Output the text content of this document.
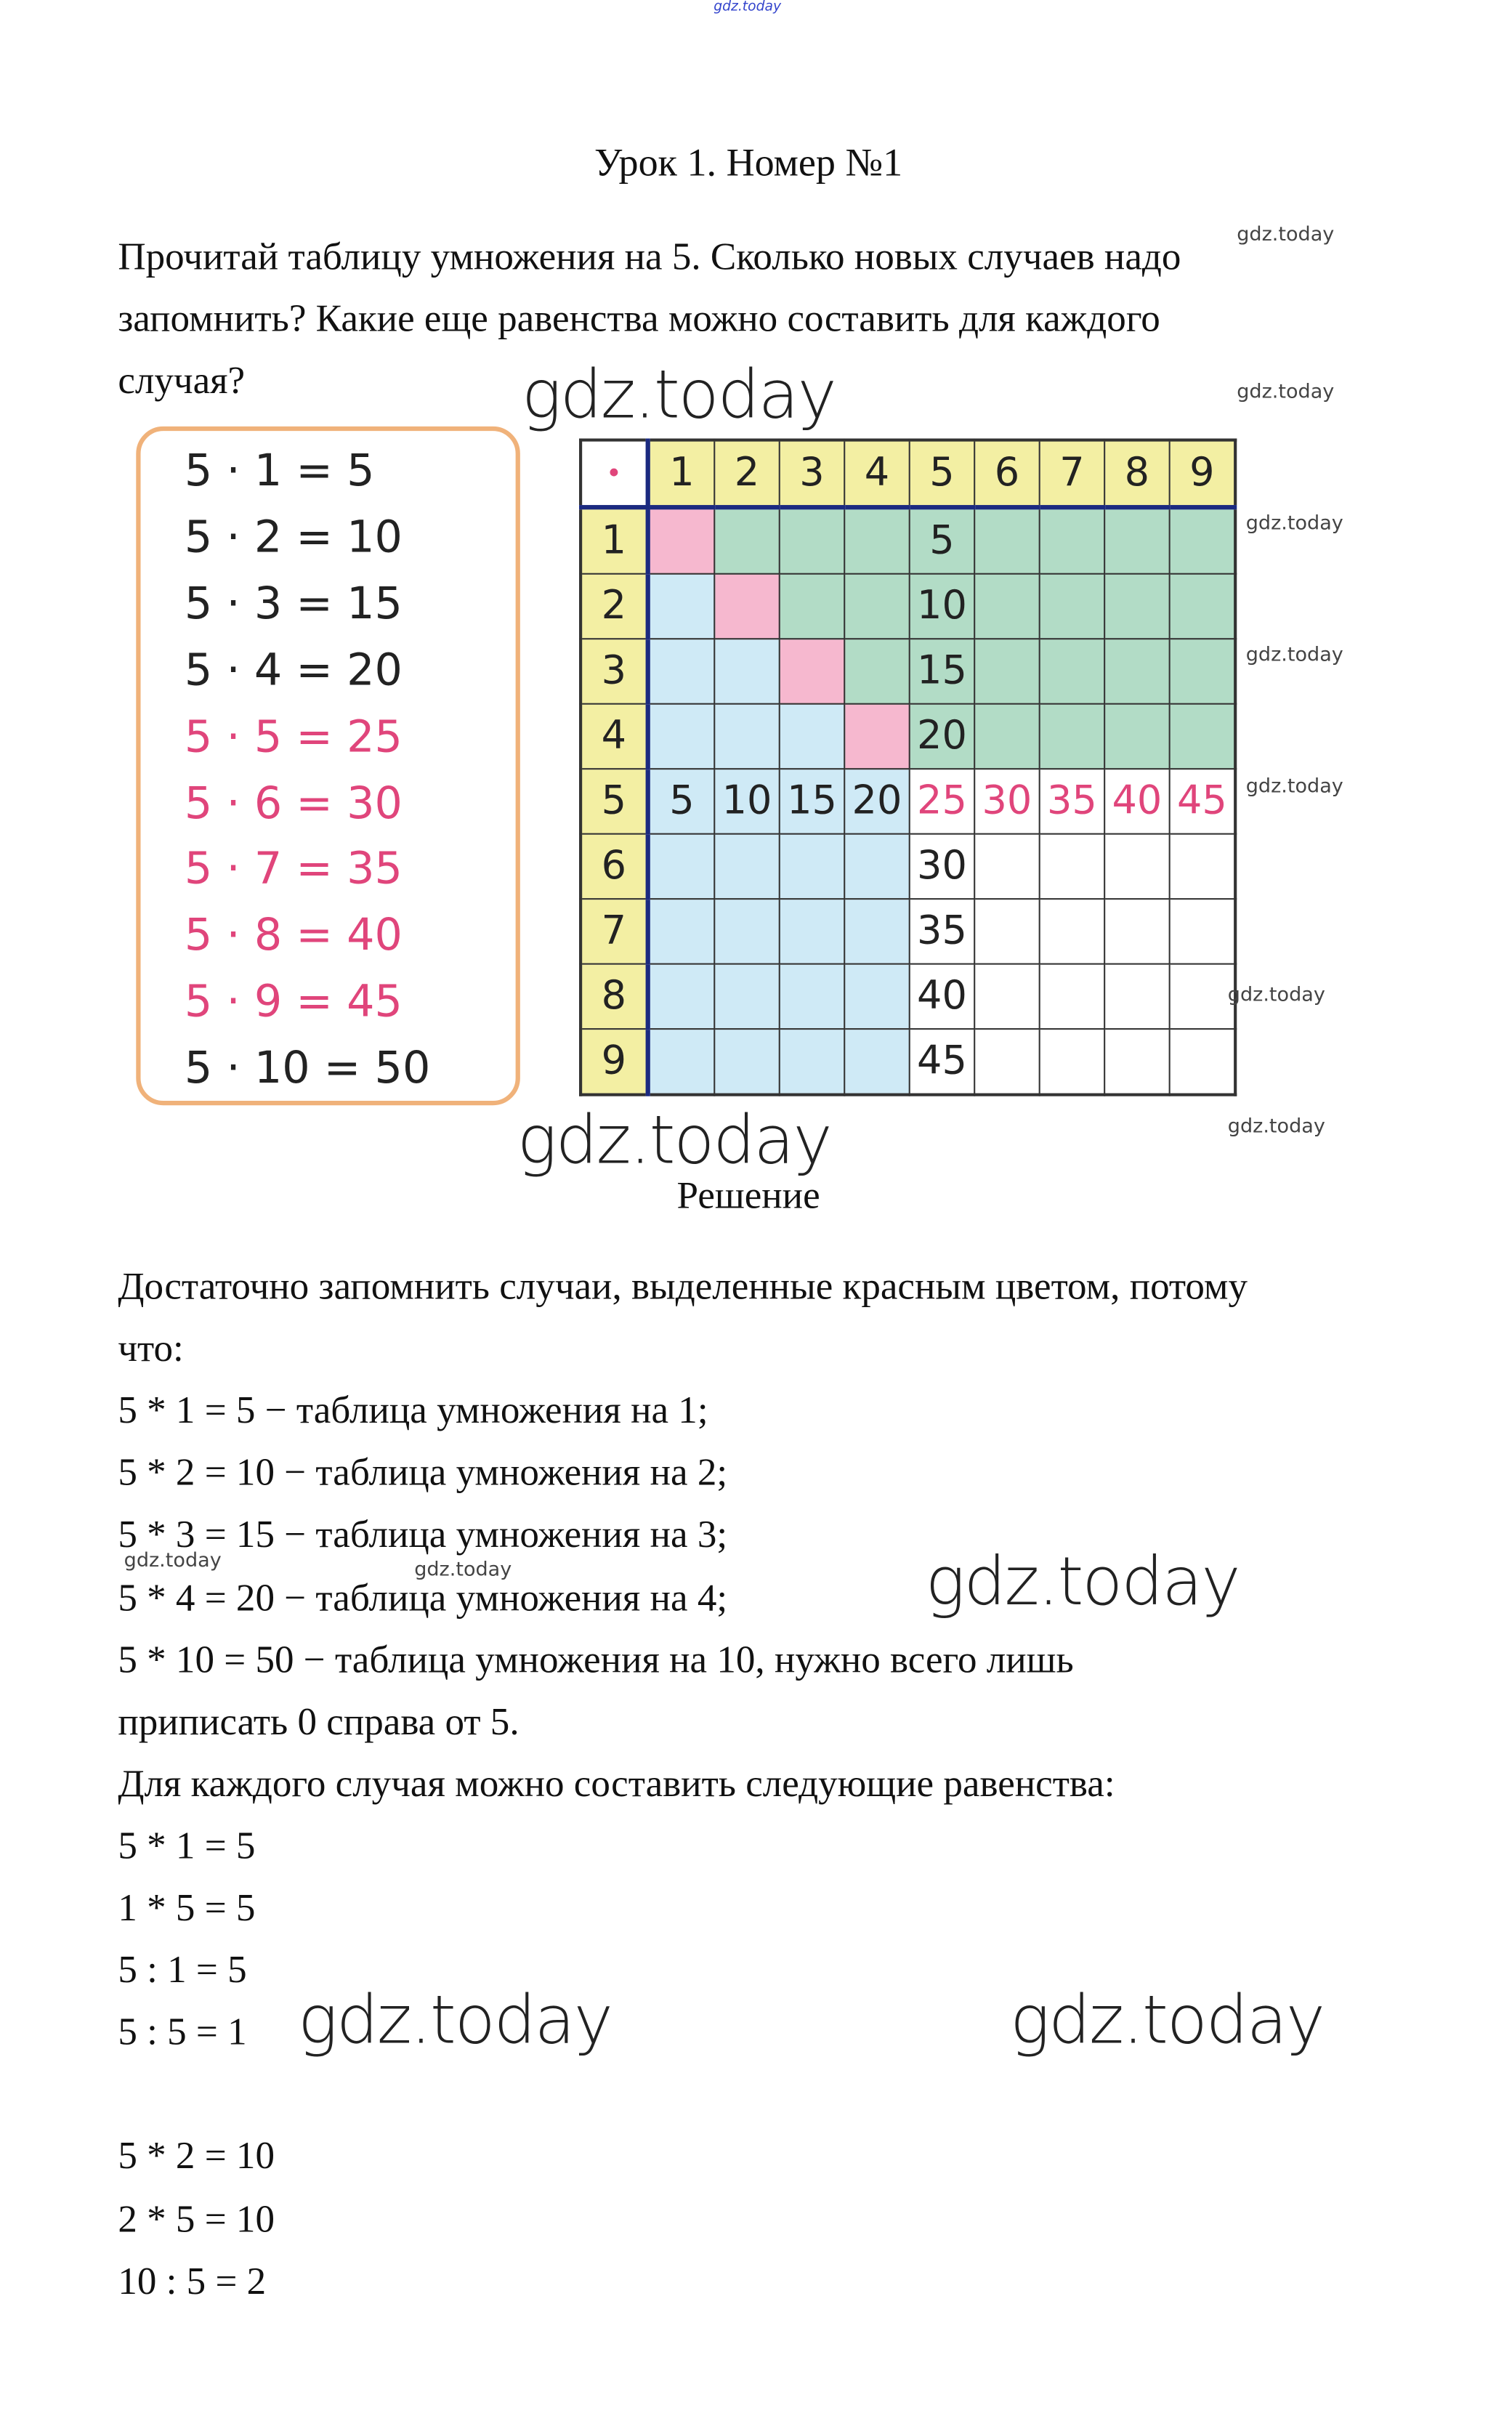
gdz.today
Урок 1. Номер №1
Прочитай таблицу умножения на 5. Сколько новых случаев надо
запомнить? Какие еще равенства можно составить для каждого
случая?
5 · 1 = 5
5 · 2 = 10
5 · 3 = 15
5 · 4 = 20
5 · 5 = 25
5 · 6 = 30
5 · 7 = 35
5 · 8 = 40
5 · 9 = 45
5 · 10 = 50
•	1	2	3	4	5	6	7	8	9
1					5				
2					10				
3					15				
4					20				
5	5	10	15	20	25	30	35	40	45
6					30				
7					35				
8					40				
9					45				
Решение
Достаточно запомнить случаи, выделенные красным цветом, потому
что:
5 * 1 = 5 − таблица умножения на 1;
5 * 2 = 10 − таблица умножения на 2;
5 * 3 = 15 − таблица умножения на 3;
5 * 4 = 20 − таблица умножения на 4;
5 * 10 = 50 − таблица умножения на 10, нужно всего лишь
приписать 0 справа от 5.
Для каждого случая можно составить следующие равенства:
5 * 1 = 5
1 * 5 = 5
5 : 1 = 5
5 : 5 = 1
5 * 2 = 10
2 * 5 = 10
10 : 5 = 2
gdz.today
gdz.today
gdz.today
gdz.today	gdz.today
gdz.today
gdz.today
gdz.today
gdz.today
gdz.today
gdz.today
gdz.today
gdz.today	gdz.today
